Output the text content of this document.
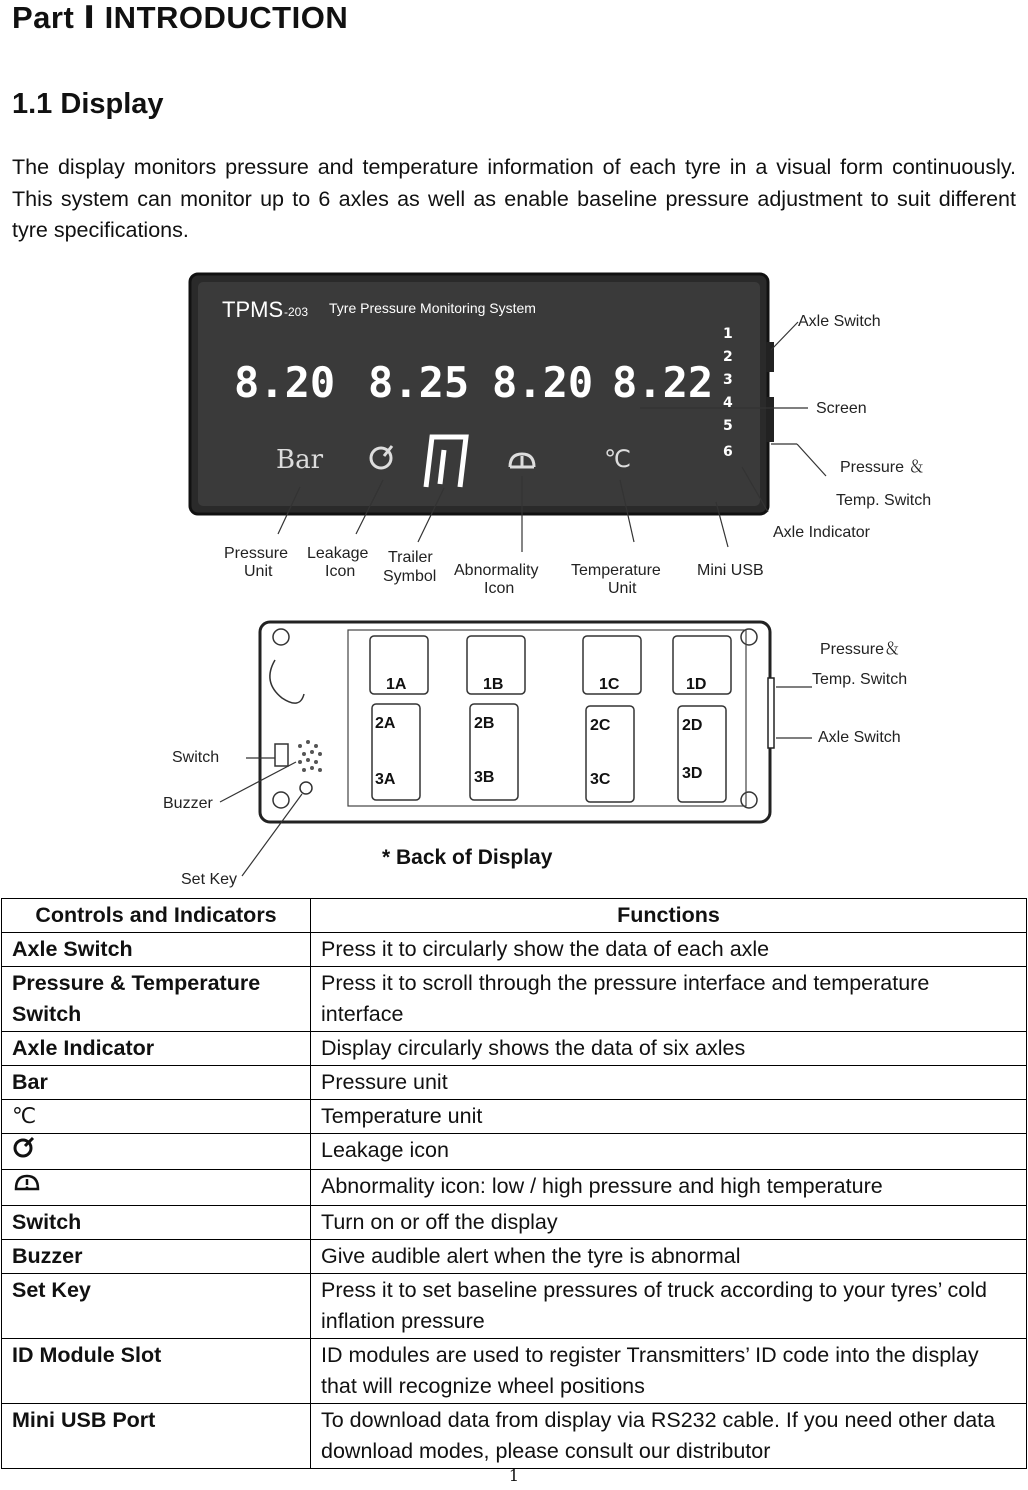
Part Ⅰ INTRODUCTION
1.1 Display
The display monitors pressure and temperature information of each tyre in a visual form continuously. This system can monitor up to 6 axles as well as enable baseline pressure adjustment to suit different tyre specifications.
TPMS -203 Tyre Pressure Monitoring System
8.20 8.25 8.20 8.22
Bar	℃
1
2
3
4
5
6
Axle Switch
Screen
Pressure ＆
Temp. Switch
Axle Indicator
Pressure
Unit
Leakage
Icon
Trailer
Symbol Abnormality
Icon
Temperature
Unit
Mini USB
1A	1B	1C	1D
2A	2B	2C	2D
3A	3B	3C	3D
Pressure＆
Temp. Switch
Axle Switch
Switch
Buzzer
Set Key
* Back of Display
Controls and Indicators	Functions
Axle Switch	Press it to circularly show the data of each axle
Pressure & Temperature Switch	Press it to scroll through the pressure interface and temperature interface
Axle Indicator	Display circularly shows the data of six axles
Bar	Pressure unit
℃	Temperature unit
	Leakage icon
	Abnormality icon: low / high pressure and high temperature
Switch	Turn on or off the display
Buzzer	Give audible alert when the tyre is abnormal
Set Key	Press it to set baseline pressures of truck according to your tyres’ cold inflation pressure
ID Module Slot	ID modules are used to register Transmitters’ ID code into the display that will recognize wheel positions
Mini USB Port	To download data from display via RS232 cable. If you need other data download modes, please consult our distributor
1
